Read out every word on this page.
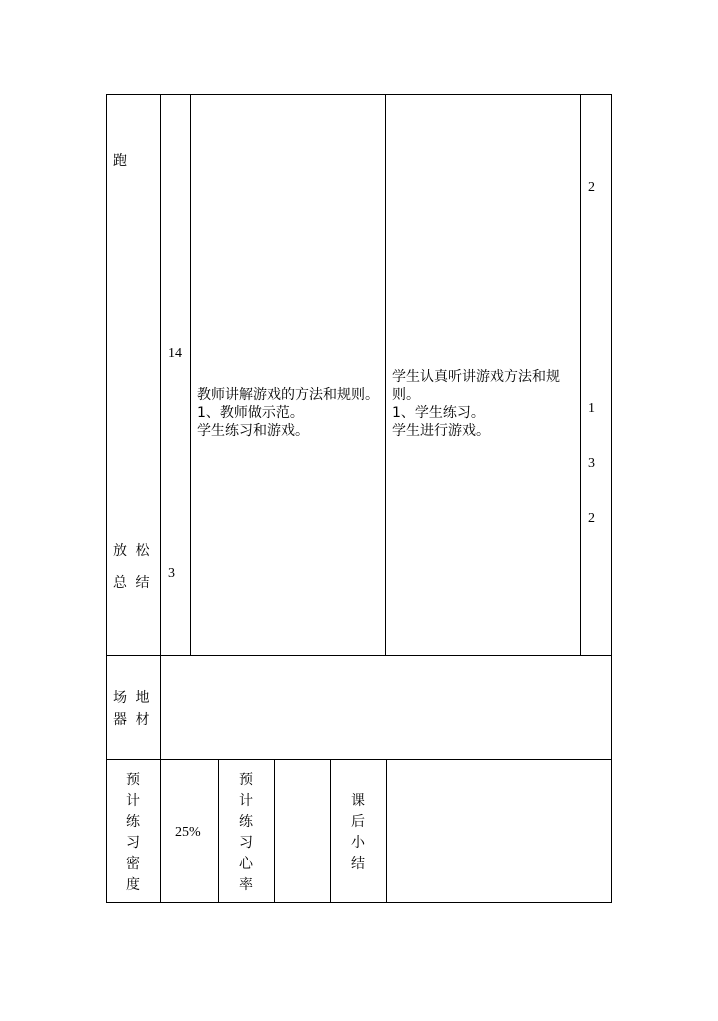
跑
放 松
总 结
14
3
教师讲解游戏的方法和规则。
1、教师做示范。
学生练习和游戏。
学生认真听讲游戏方法和规
则。
1、学生练习。
学生进行游戏。
2
1
3
2
场 地
器 材
预计练习密度
25%
预计练习心率
课后小结
